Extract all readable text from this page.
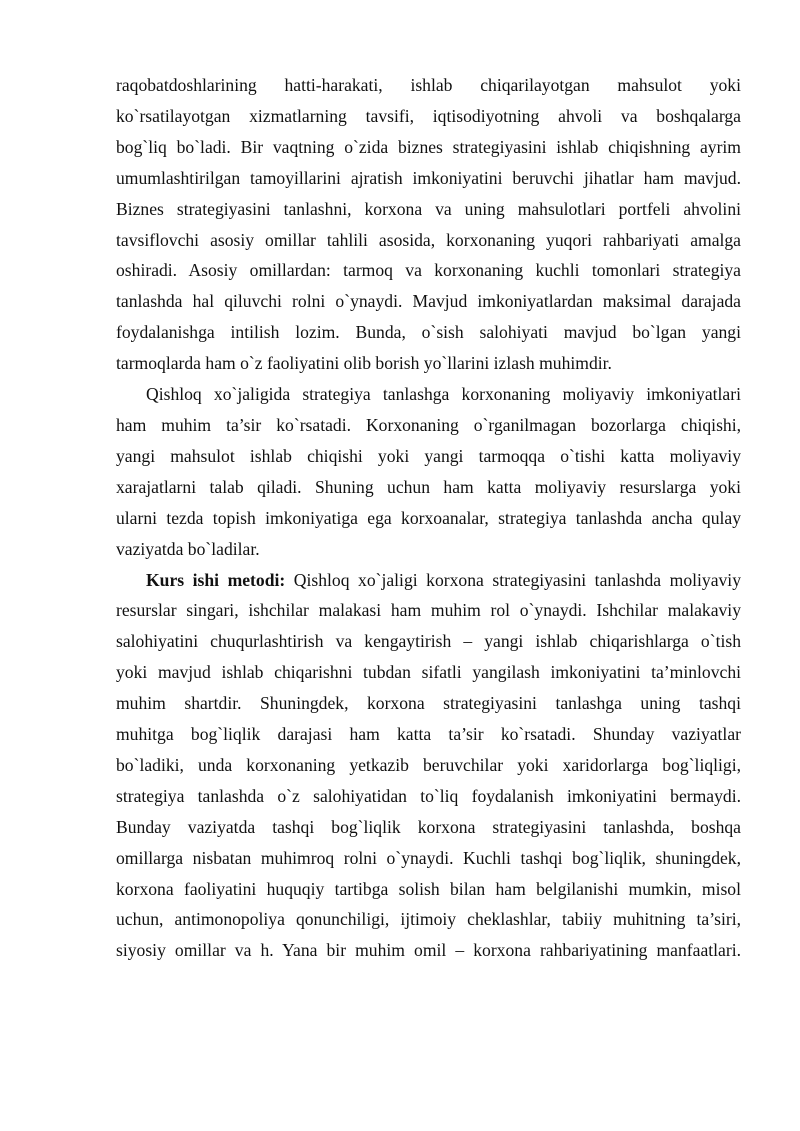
raqobatdoshlarining hatti-harakati, ishlab chiqarilayotgan mahsulot yoki
ko`rsatilayotgan xizmatlarning tavsifi, iqtisodiyotning ahvoli va boshqalarga
bog`liq bo`ladi. Bir vaqtning o`zida biznes strategiyasini ishlab chiqishning ayrim
umumlashtirilgan tamoyillarini ajratish imkoniyatini beruvchi jihatlar ham mavjud.
Biznes strategiyasini tanlashni, korxona va uning mahsulotlari portfeli ahvolini
tavsiflovchi asosiy omillar tahlili asosida, korxonaning yuqori rahbariyati amalga
oshiradi. Asosiy omillardan: tarmoq va korxonaning kuchli tomonlari strategiya
tanlashda hal qiluvchi rolni o`ynaydi. Mavjud imkoniyatlardan maksimal darajada
foydalanishga intilish lozim. Bunda, o`sish salohiyati mavjud bo`lgan yangi
tarmoqlarda ham o`z faoliyatini olib borish yo`llarini izlash muhimdir.
Qishloq xo`jaligida strategiya tanlashga korxonaning moliyaviy imkoniyatlari
ham muhim ta’sir ko`rsatadi. Korxonaning o`rganilmagan bozorlarga chiqishi,
yangi mahsulot ishlab chiqishi yoki yangi tarmoqqa o`tishi katta moliyaviy
xarajatlarni talab qiladi. Shuning uchun ham katta moliyaviy resurslarga yoki
ularni tezda topish imkoniyatiga ega korxoanalar, strategiya tanlashda ancha qulay
vaziyatda bo`ladilar.
Kurs ishi metodi: Qishloq xo`jaligi korxona strategiyasini tanlashda moliyaviy
resurslar singari, ishchilar malakasi ham muhim rol o`ynaydi. Ishchilar malakaviy
salohiyatini chuqurlashtirish va kengaytirish – yangi ishlab chiqarishlarga o`tish
yoki mavjud ishlab chiqarishni tubdan sifatli yangilash imkoniyatini ta’minlovchi
muhim shartdir. Shuningdek, korxona strategiyasini tanlashga uning tashqi
muhitga bog`liqlik darajasi ham katta ta’sir ko`rsatadi. Shunday vaziyatlar
bo`ladiki, unda korxonaning yetkazib beruvchilar yoki xaridorlarga bog`liqligi,
strategiya tanlashda o`z salohiyatidan to`liq foydalanish imkoniyatini bermaydi.
Bunday vaziyatda tashqi bog`liqlik korxona strategiyasini tanlashda, boshqa
omillarga nisbatan muhimroq rolni o`ynaydi. Kuchli tashqi bog`liqlik, shuningdek,
korxona faoliyatini huquqiy tartibga solish bilan ham belgilanishi mumkin, misol
uchun, antimonopoliya qonunchiligi, ijtimoiy cheklashlar, tabiiy muhitning ta’siri,
siyosiy omillar va h. Yana bir muhim omil – korxona rahbariyatining manfaatlari.
